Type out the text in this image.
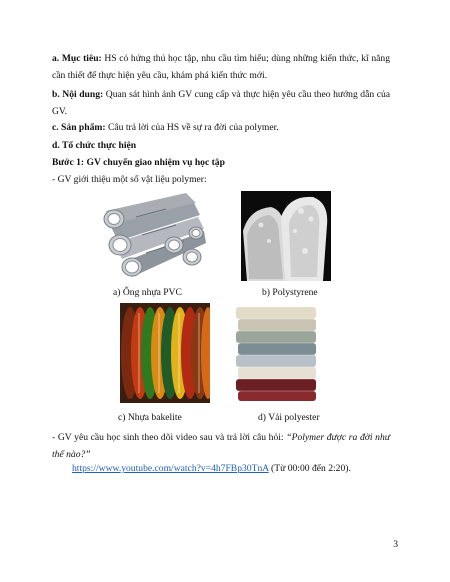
a. Mục tiêu: HS có hứng thú học tập, nhu cầu tìm hiểu; dùng những kiến thức, kĩ năng cần thiết để thực hiện yêu cầu, khám phá kiến thức mới.
b. Nội dung: Quan sát hình ảnh GV cung cấp và thực hiện yêu cầu theo hướng dẫn của GV.
c. Sản phẩm: Câu trả lời của HS về sự ra đời của polymer.
d. Tổ chức thực hiện
Bước 1: GV chuyển giao nhiệm vụ học tập
- GV giới thiệu một số vật liệu polymer:
a) Ống nhựa PVC	b) Polystyrene
c) Nhựa bakelite	d) Vải polyester
- GV yêu cầu học sinh theo dõi video sau và trả lời câu hỏi: “Polymer được ra đời như thế nào?”
https://www.youtube.com/watch?v=4h7FBp30TnA (Từ 00:00 đến 2:20).
3
